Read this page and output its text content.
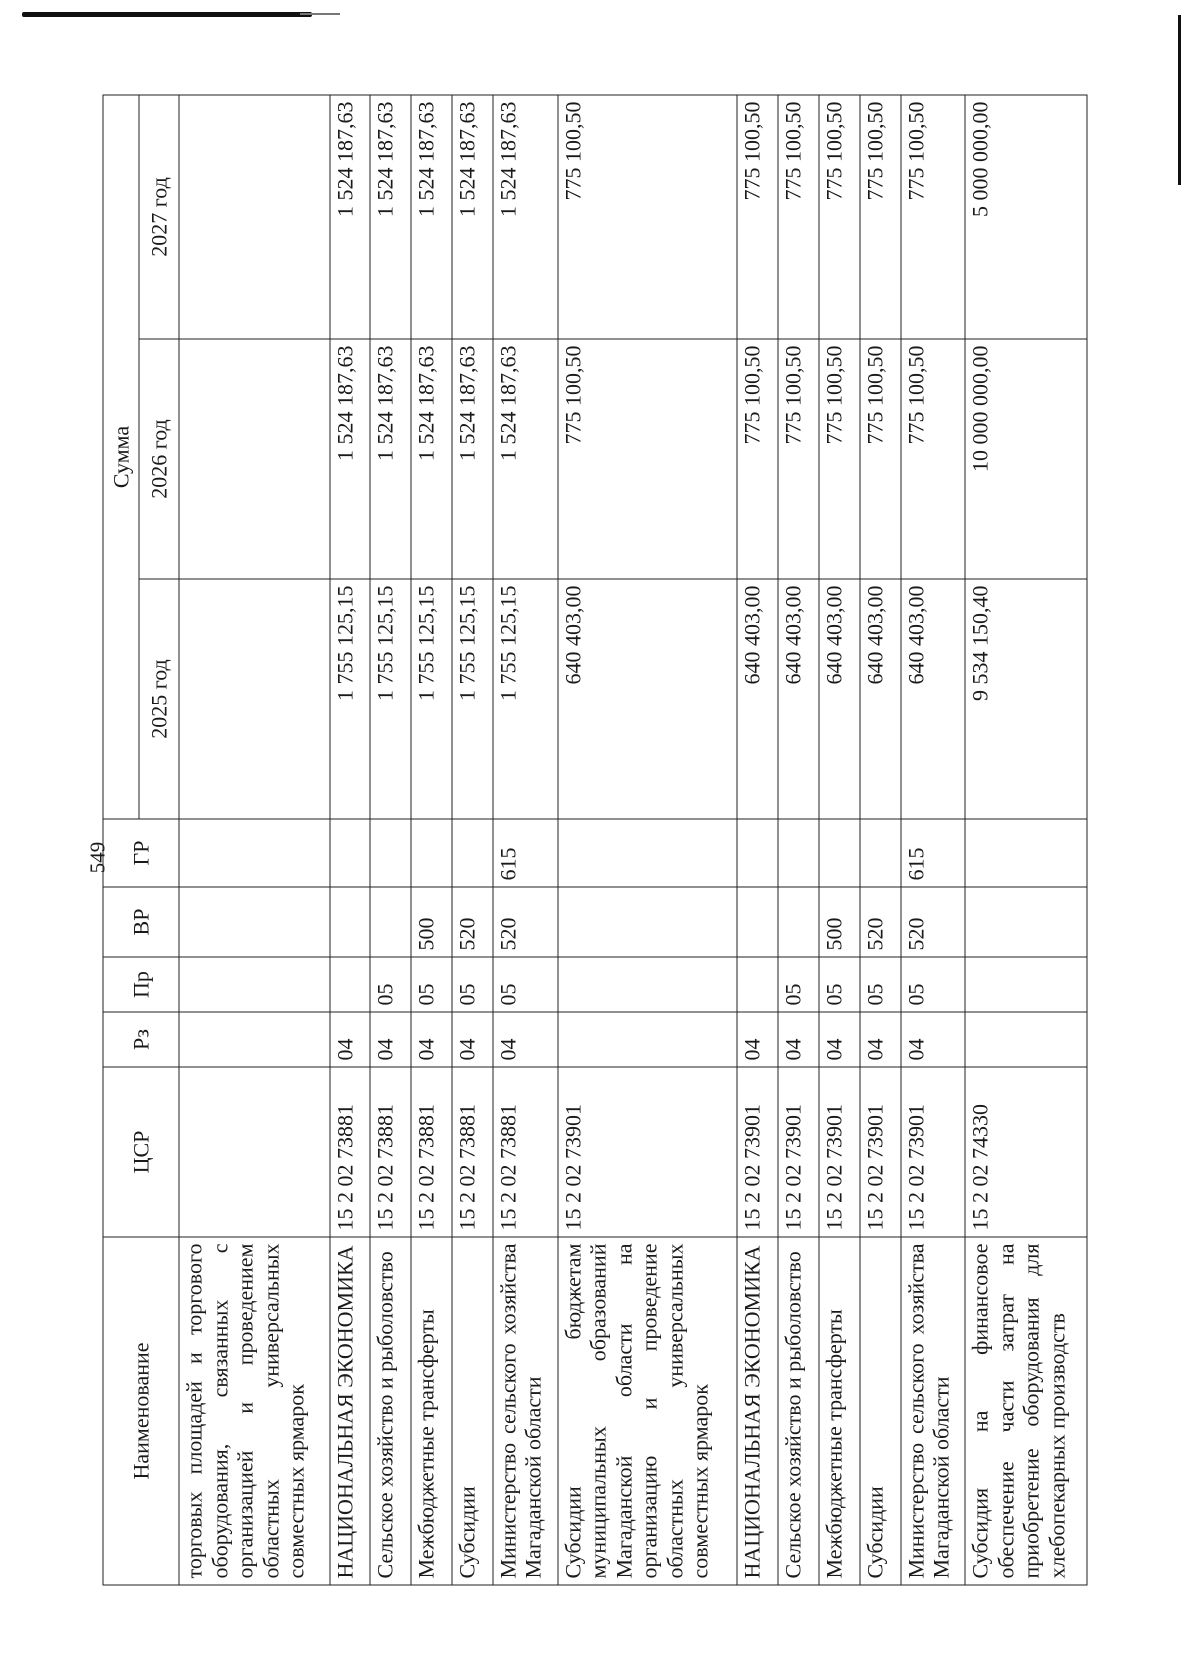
549
Наименование	ЦСР	Рз	Пр	ВР	ГР	Сумма		
						2025 год	2026 год	2027 год
торговых площадей и торгового оборудования, связанных с организацией и проведением областных универсальных совместных ярмарок								
НАЦИОНАЛЬНАЯ ЭКОНОМИКА	15 2 02 73881	04				1 755 125,15	1 524 187,63	1 524 187,63
Сельское хозяйство и рыболовство	15 2 02 73881	04	05			1 755 125,15	1 524 187,63	1 524 187,63
Межбюджетные трансферты	15 2 02 73881	04	05	500		1 755 125,15	1 524 187,63	1 524 187,63
Субсидии	15 2 02 73881	04	05	520		1 755 125,15	1 524 187,63	1 524 187,63
Министерство сельского хозяйства Магаданской области	15 2 02 73881	04	05	520	615	1 755 125,15	1 524 187,63	1 524 187,63
Субсидии бюджетам муниципальных образований Магаданской области на организацию и проведение областных универсальных совместных ярмарок	15 2 02 73901					640 403,00	775 100,50	775 100,50
НАЦИОНАЛЬНАЯ ЭКОНОМИКА	15 2 02 73901	04				640 403,00	775 100,50	775 100,50
Сельское хозяйство и рыболовство	15 2 02 73901	04	05			640 403,00	775 100,50	775 100,50
Межбюджетные трансферты	15 2 02 73901	04	05	500		640 403,00	775 100,50	775 100,50
Субсидии	15 2 02 73901	04	05	520		640 403,00	775 100,50	775 100,50
Министерство сельского хозяйства Магаданской области	15 2 02 73901	04	05	520	615	640 403,00	775 100,50	775 100,50
Субсидия на финансовое обеспечение части затрат на приобретение оборудования для хлебопекарных производств	15 2 02 74330					9 534 150,40	10 000 000,00	5 000 000,00
